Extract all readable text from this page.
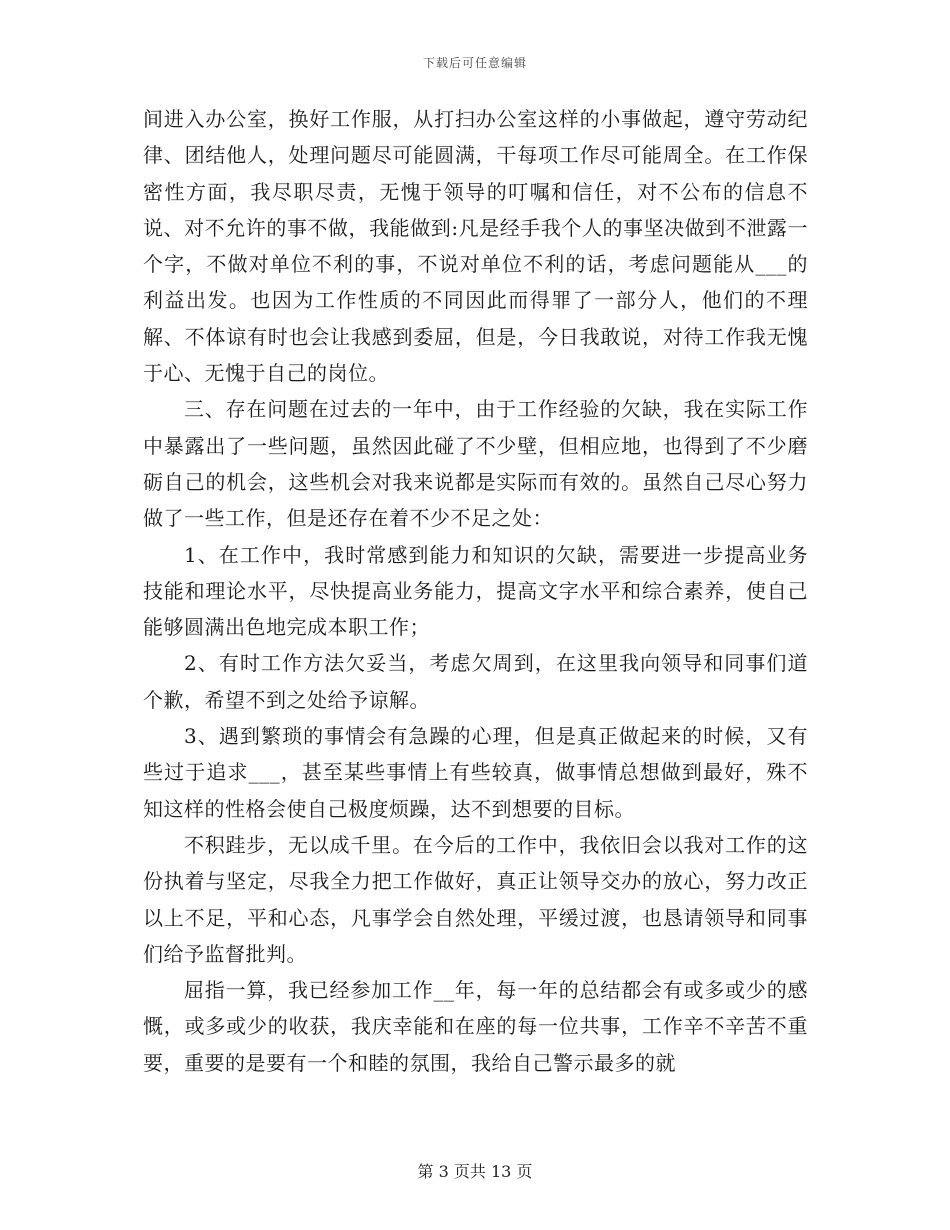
下载后可任意编辑

间进入办公室，换好工作服，从打扫办公室这样的小事做起，遵守劳动纪律、团结他人，处理问题尽可能圆满，干每项工作尽可能周全。在工作保密性方面，我尽职尽责，无愧于领导的叮嘱和信任，对不公布的信息不说、对不允许的事不做，我能做到:凡是经手我个人的事坚决做到不泄露一个字，不做对单位不利的事，不说对单位不利的话，考虑问题能从___的利益出发。也因为工作性质的不同因此而得罪了一部分人，他们的不理解、不体谅有时也会让我感到委屈，但是，今日我敢说，对待工作我无愧于心、无愧于自己的岗位。

三、存在问题在过去的一年中，由于工作经验的欠缺，我在实际工作中暴露出了一些问题，虽然因此碰了不少壁，但相应地，也得到了不少磨砺自己的机会，这些机会对我来说都是实际而有效的。虽然自己尽心努力做了一些工作，但是还存在着不少不足之处：

1、在工作中，我时常感到能力和知识的欠缺，需要进一步提高业务技能和理论水平，尽快提高业务能力，提高文字水平和综合素养，使自己能够圆满出色地完成本职工作；

2、有时工作方法欠妥当，考虑欠周到，在这里我向领导和同事们道个歉，希望不到之处给予谅解。

3、遇到繁琐的事情会有急躁的心理，但是真正做起来的时候，又有些过于追求___，甚至某些事情上有些较真，做事情总想做到最好，殊不知这样的性格会使自己极度烦躁，达不到想要的目标。

不积跬步，无以成千里。在今后的工作中，我依旧会以我对工作的这份执着与坚定，尽我全力把工作做好，真正让领导交办的放心，努力改正以上不足，平和心态，凡事学会自然处理，平缓过渡，也恳请领导和同事们给予监督批判。

屈指一算，我已经参加工作__年，每一年的总结都会有或多或少的感慨，或多或少的收获，我庆幸能和在座的每一位共事，工作辛不辛苦不重要，重要的是要有一个和睦的氛围，我给自己警示最多的就

第 3 页共 13 页
